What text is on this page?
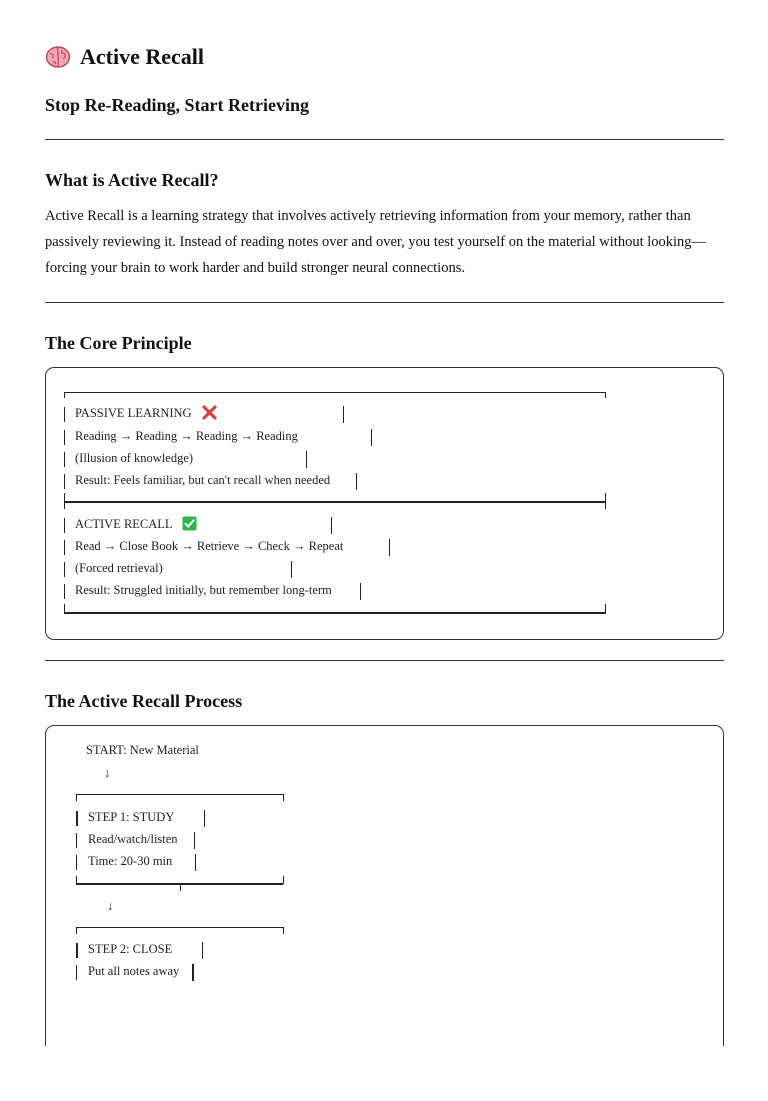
Active Recall
Stop Re-Reading, Start Retrieving
What is Active Recall?

Active Recall is a learning strategy that involves actively retrieving information from your memory, rather than passively reviewing it. Instead of reading notes over and over, you test yourself on the material without looking—forcing your brain to work harder and build stronger neural connections.

The Core Principle

PASSIVE LEARNING

Reading → Reading → Reading → Reading

(Illusion of knowledge)

Result: Feels familiar, but can't recall when needed

ACTIVE RECALL

Read → Close Book → Retrieve → Check → Repeat

(Forced retrieval)

Result: Struggled initially, but remember long-term

The Active Recall Process

START: New Material

↓

STEP 1: STUDY

Read/watch/listen

Time: 20-30 min

↓

STEP 2: CLOSE

Put all notes away
